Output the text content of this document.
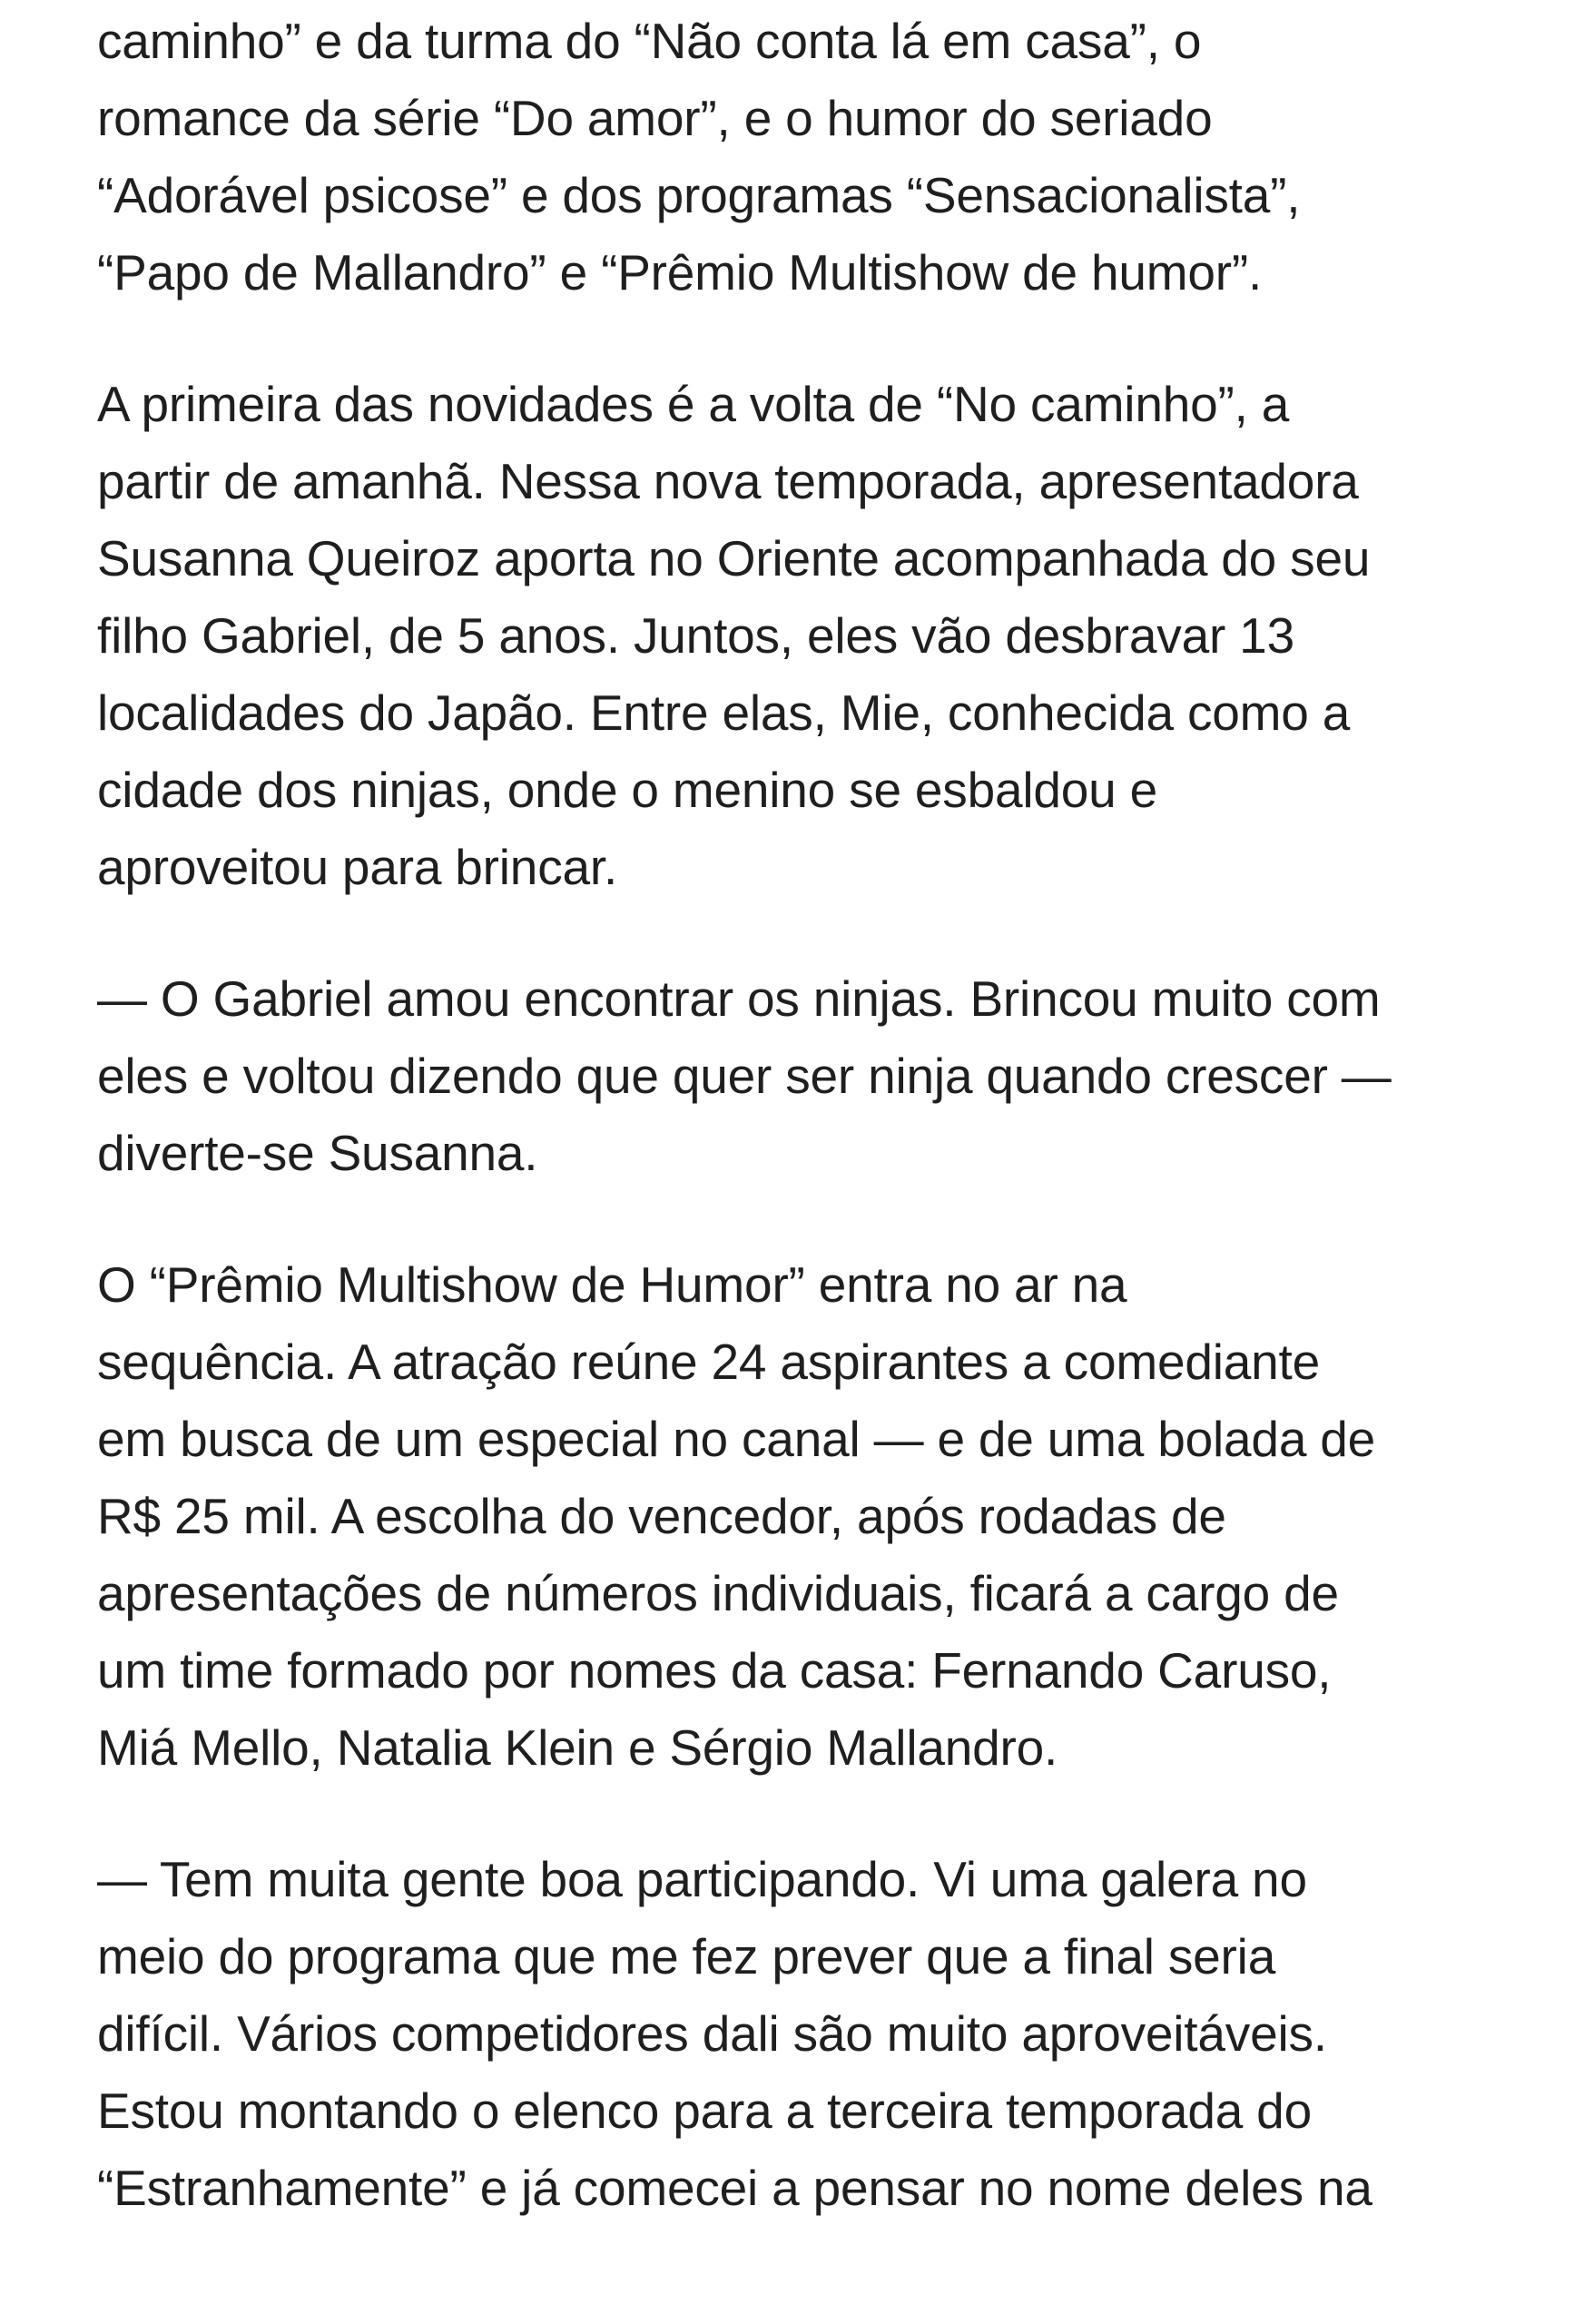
caminho” e da turma do “Não conta lá em casa”, o
romance da série “Do amor”, e o humor do seriado
“Adorável psicose” e dos programas “Sensacionalista”,
“Papo de Mallandro” e “Prêmio Multishow de humor”.
A primeira das novidades é a volta de “No caminho”, a
partir de amanhã. Nessa nova temporada, apresentadora
Susanna Queiroz aporta no Oriente acompanhada do seu
filho Gabriel, de 5 anos. Juntos, eles vão desbravar 13
localidades do Japão. Entre elas, Mie, conhecida como a
cidade dos ninjas, onde o menino se esbaldou e
aproveitou para brincar.
— O Gabriel amou encontrar os ninjas. Brincou muito com
eles e voltou dizendo que quer ser ninja quando crescer —
diverte-se Susanna.
O “Prêmio Multishow de Humor” entra no ar na
sequência. A atração reúne 24 aspirantes a comediante
em busca de um especial no canal — e de uma bolada de
R$ 25 mil. A escolha do vencedor, após rodadas de
apresentações de números individuais, ficará a cargo de
um time formado por nomes da casa: Fernando Caruso,
Miá Mello, Natalia Klein e Sérgio Mallandro.
— Tem muita gente boa participando. Vi uma galera no
meio do programa que me fez prever que a final seria
difícil. Vários competidores dali são muito aproveitáveis.
Estou montando o elenco para a terceira temporada do
“Estranhamente” e já comecei a pensar no nome deles na
